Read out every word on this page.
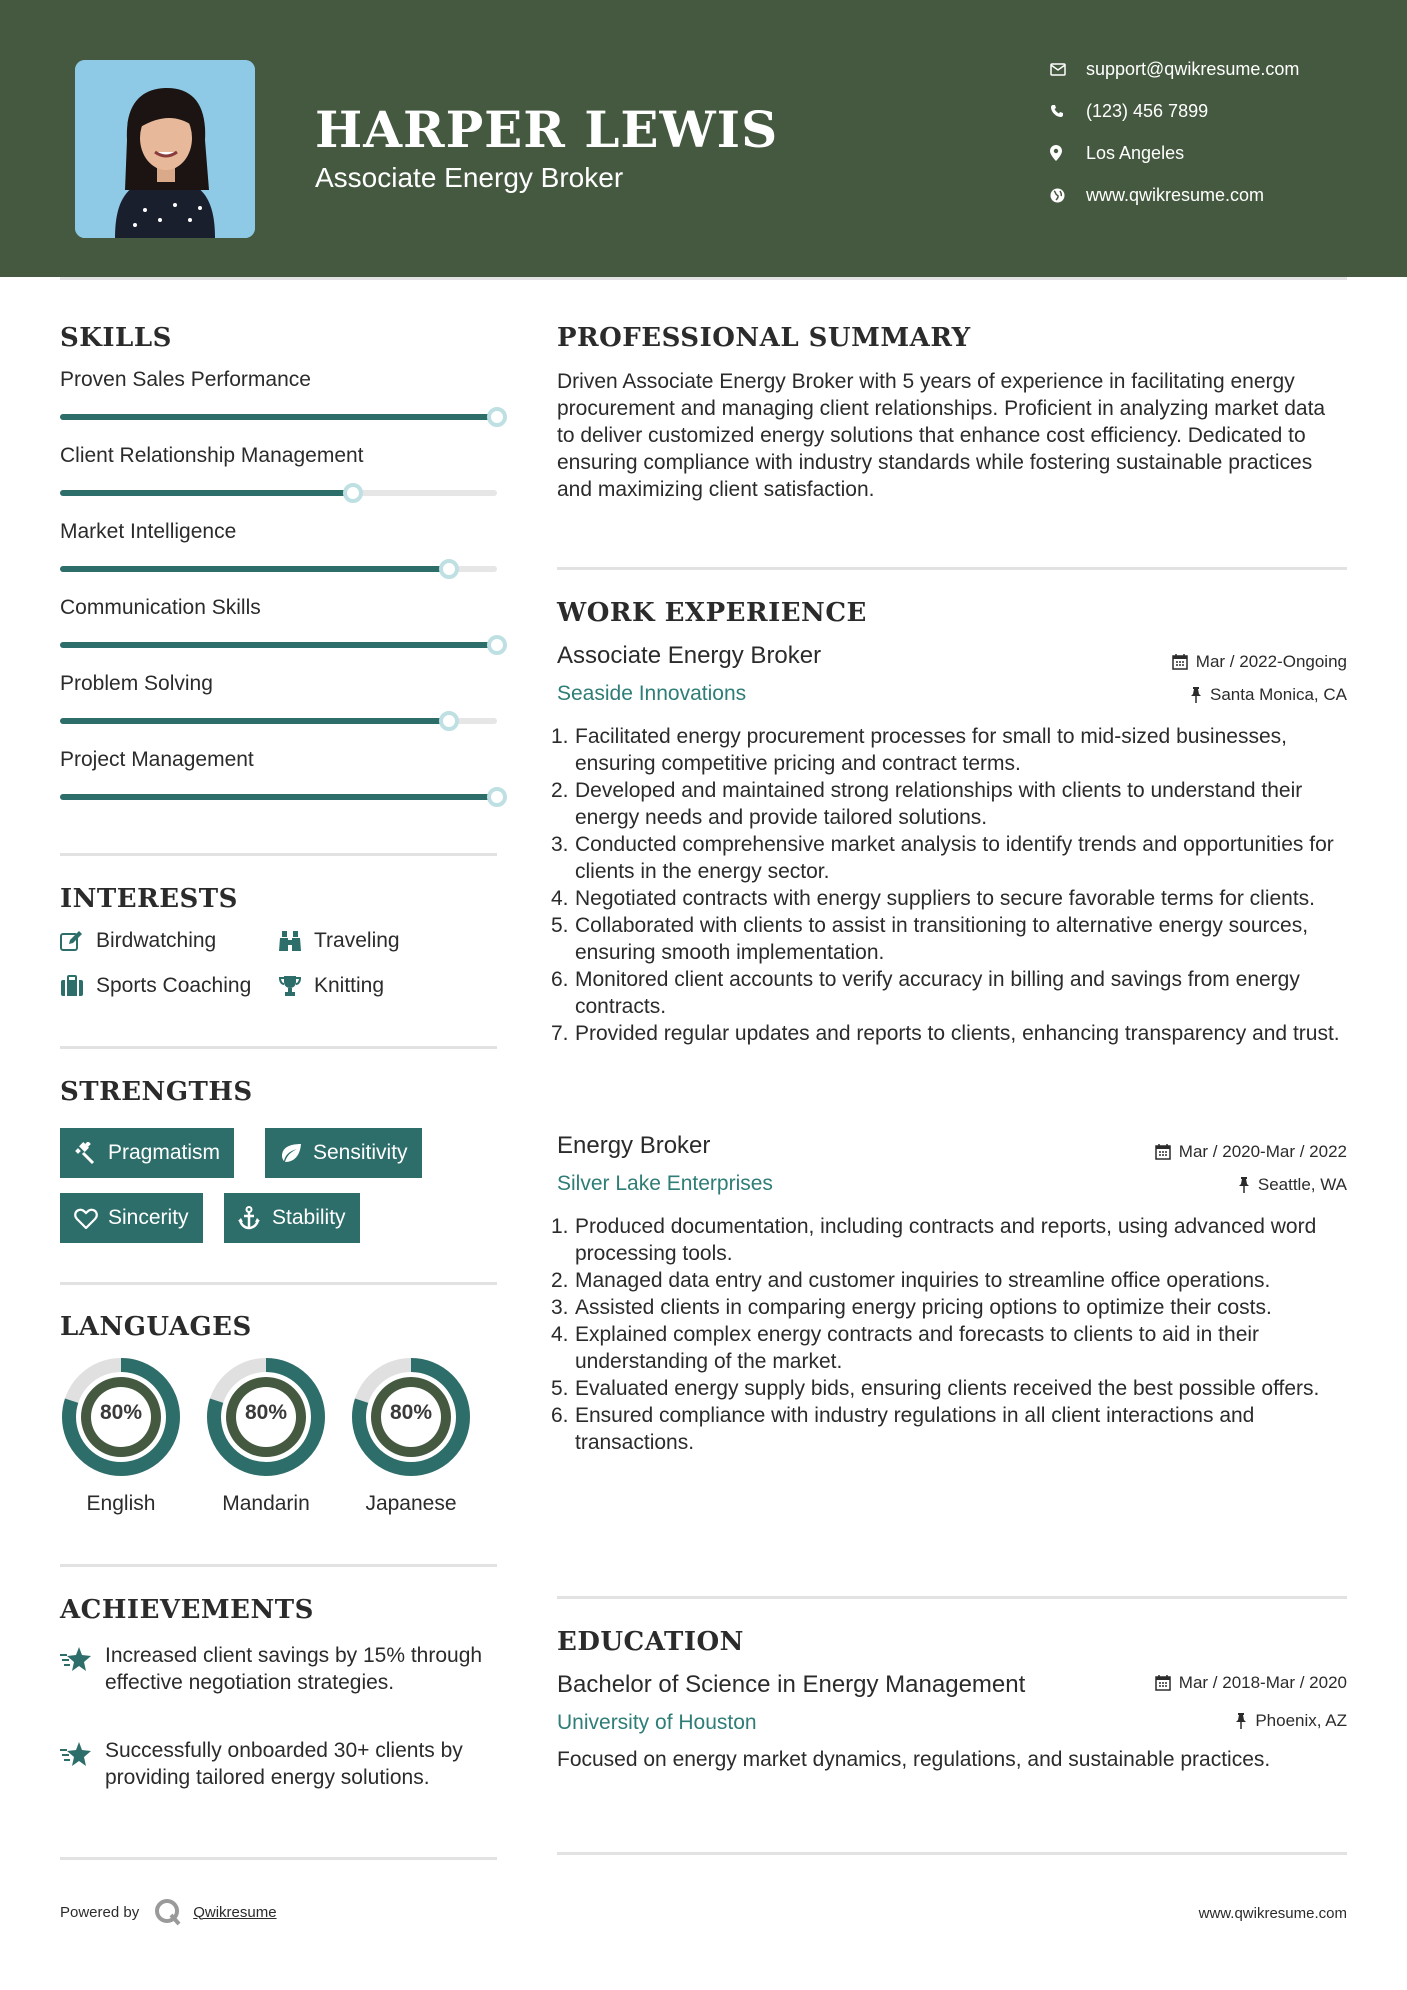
HARPER LEWIS
Associate Energy Broker
support@qwikresume.com
(123) 456 7899
Los Angeles
www.qwikresume.com
SKILLS
Proven Sales Performance
Client Relationship Management
Market Intelligence
Communication Skills
Problem Solving
Project Management
INTERESTS
Birdwatching	Traveling
Sports Coaching	Knitting
STRENGTHS
Pragmatism	Sensitivity
Sincerity	Stability
LANGUAGES
80%
English
80%
Mandarin
80%
Japanese
ACHIEVEMENTS
Increased client savings by 15% through effective negotiation strategies.
Successfully onboarded 30+ clients by providing tailored energy solutions.
PROFESSIONAL SUMMARY
Driven Associate Energy Broker with 5 years of experience in facilitating energy procurement and managing client relationships. Proficient in analyzing market data to deliver customized energy solutions that enhance cost efficiency. Dedicated to ensuring compliance with industry standards while fostering sustainable practices and maximizing client satisfaction.
WORK EXPERIENCE
Associate Energy Broker	Mar / 2022-Ongoing
Seaside Innovations	Santa Monica, CA
1. Facilitated energy procurement processes for small to mid-sized businesses, ensuring competitive pricing and contract terms.
2. Developed and maintained strong relationships with clients to understand their energy needs and provide tailored solutions.
3. Conducted comprehensive market analysis to identify trends and opportunities for clients in the energy sector.
4. Negotiated contracts with energy suppliers to secure favorable terms for clients.
5. Collaborated with clients to assist in transitioning to alternative energy sources, ensuring smooth implementation.
6. Monitored client accounts to verify accuracy in billing and savings from energy contracts.
7. Provided regular updates and reports to clients, enhancing transparency and trust.
Energy Broker	Mar / 2020-Mar / 2022
Silver Lake Enterprises	Seattle, WA
1. Produced documentation, including contracts and reports, using advanced word processing tools.
2. Managed data entry and customer inquiries to streamline office operations.
3. Assisted clients in comparing energy pricing options to optimize their costs.
4. Explained complex energy contracts and forecasts to clients to aid in their understanding of the market.
5. Evaluated energy supply bids, ensuring clients received the best possible offers.
6. Ensured compliance with industry regulations in all client interactions and transactions.
EDUCATION
Bachelor of Science in Energy Management	Mar / 2018-Mar / 2020
University of Houston	Phoenix, AZ
Focused on energy market dynamics, regulations, and sustainable practices.
Powered by	Qwikresume	www.qwikresume.com
